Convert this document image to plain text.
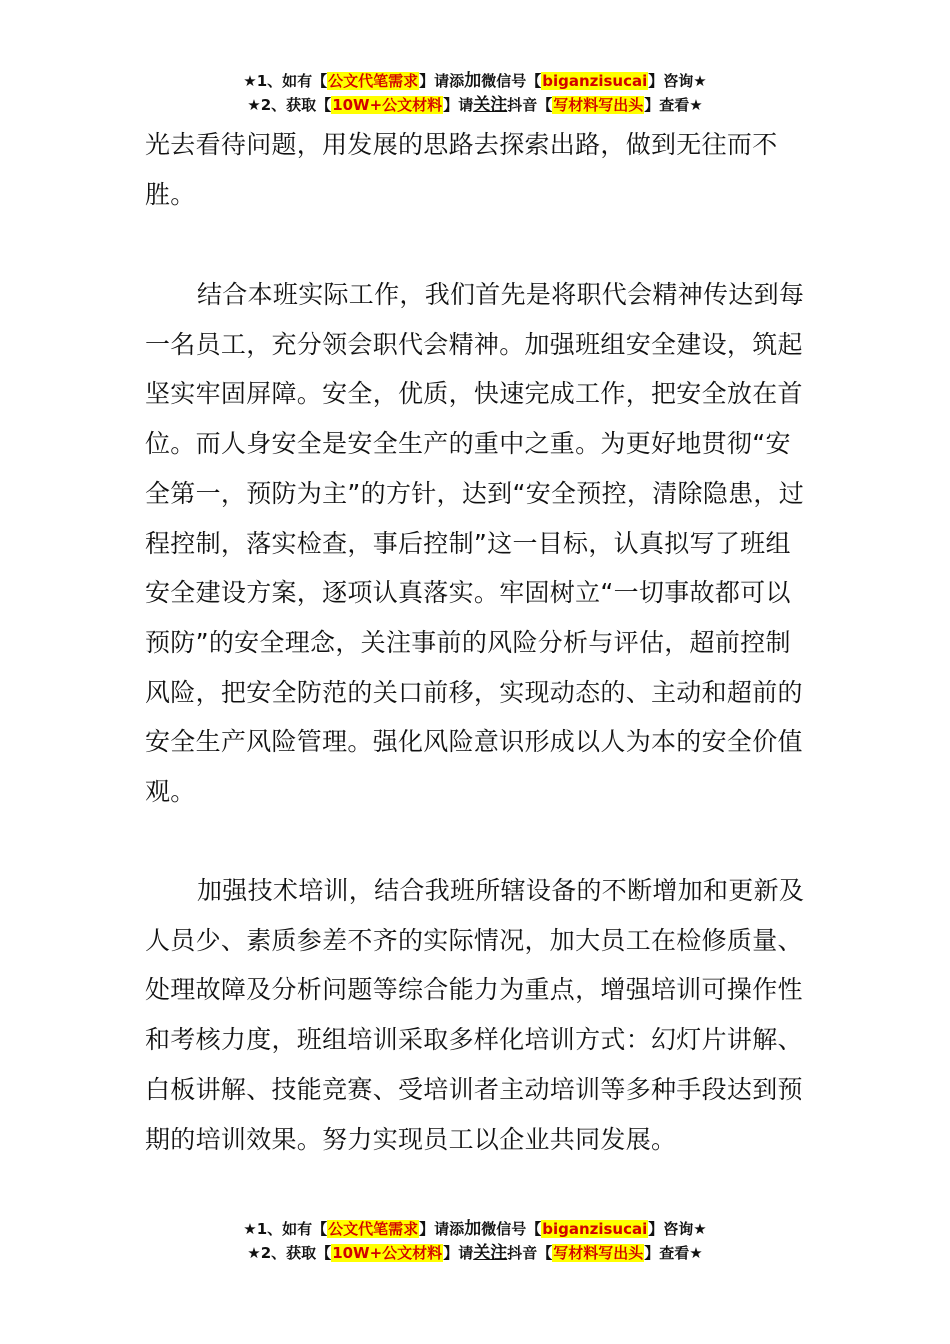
★1、如有【公文代笔需求】请添加微信号【biganzisucai】咨询★
★2、获取【10W+公文材料】请关注抖音【写材料写出头】查看★

光去看待问题，用发展的思路去探索出路，做到无往而不胜。

结合本班实际工作，我们首先是将职代会精神传达到每一名员工，充分领会职代会精神。加强班组安全建设，筑起坚实牢固屏障。安全，优质，快速完成工作，把安全放在首位。而人身安全是安全生产的重中之重。为更好地贯彻“安全第一，预防为主”的方针，达到“安全预控，清除隐患，过程控制，落实检查，事后控制”这一目标，认真拟写了班组安全建设方案，逐项认真落实。牢固树立“一切事故都可以预防”的安全理念，关注事前的风险分析与评估，超前控制风险，把安全防范的关口前移，实现动态的、主动和超前的安全生产风险管理。强化风险意识形成以人为本的安全价值观。

加强技术培训，结合我班所辖设备的不断增加和更新及人员少、素质参差不齐的实际情况，加大员工在检修质量、处理故障及分析问题等综合能力为重点，增强培训可操作性和考核力度，班组培训采取多样化培训方式：幻灯片讲解、白板讲解、技能竞赛、受培训者主动培训等多种手段达到预期的培训效果。努力实现员工以企业共同发展。

★1、如有【公文代笔需求】请添加微信号【biganzisucai】咨询★
★2、获取【10W+公文材料】请关注抖音【写材料写出头】查看★
